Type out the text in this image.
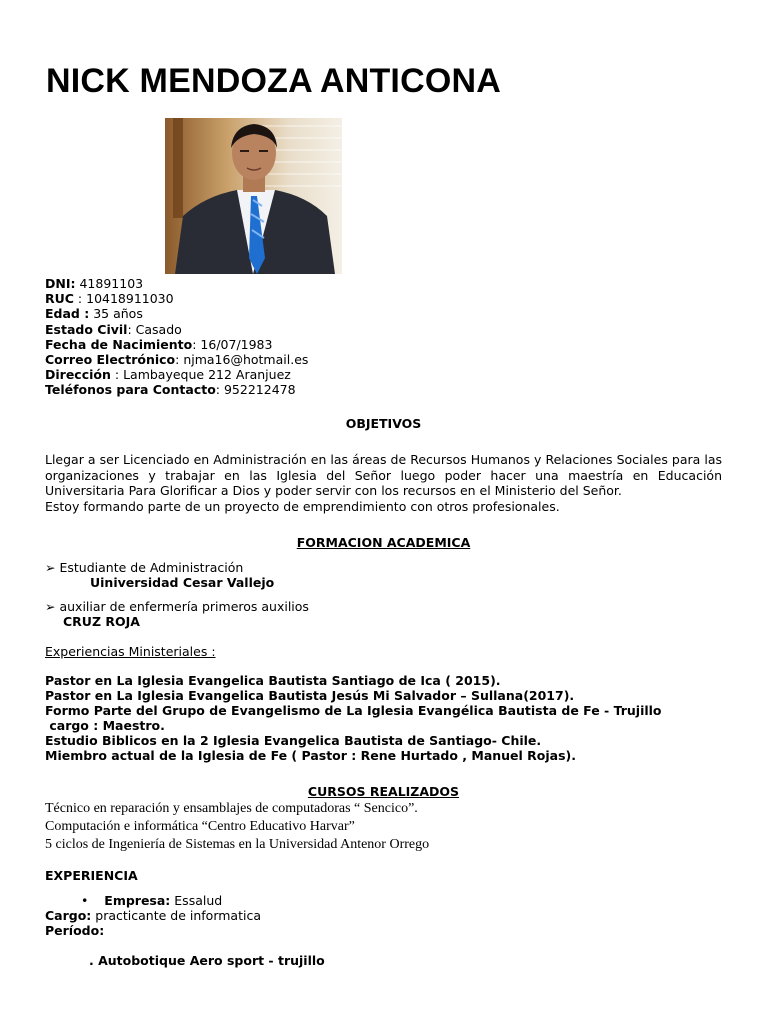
NICK MENDOZA ANTICONA
DNI: 41891103
RUC : 10418911030
Edad : 35 años
Estado Civil: Casado
Fecha de Nacimiento: 16/07/1983
Correo Electrónico: njma16@hotmail.es
Dirección : Lambayeque 212 Aranjuez
Teléfonos para Contacto: 952212478
OBJETIVOS
Llegar a ser Licenciado en Administración en las áreas de Recursos Humanos y Relaciones Sociales para las organizaciones y trabajar en las Iglesia del Señor luego poder hacer una maestría en Educación Universitaria Para Glorificar a Dios y poder servir con los recursos en el Ministerio del Señor.
Estoy formando parte de un proyecto de emprendimiento con otros profesionales.
FORMACION ACADEMICA
➢ Estudiante de Administración
Uiniversidad Cesar Vallejo
➢ auxiliar de enfermería primeros auxilios
CRUZ ROJA
Experiencias Ministeriales :
Pastor en La Iglesia Evangelica Bautista Santiago de Ica ( 2015).
Pastor en La Iglesia Evangelica Bautista Jesús Mi Salvador – Sullana(2017).
Formo Parte del Grupo de Evangelismo de La Iglesia Evangélica Bautista de Fe - Trujillo
cargo : Maestro.
Estudio Biblicos en la 2 Iglesia Evangelica Bautista de Santiago- Chile.
Miembro actual de la Iglesia de Fe ( Pastor : Rene Hurtado , Manuel Rojas).
CURSOS REALIZADOS
Técnico en reparación y ensamblajes de computadoras “ Sencico”.
Computación e informática “Centro Educativo Harvar”
5 ciclos de Ingeniería de Sistemas en la Universidad Antenor Orrego
EXPERIENCIA
• Empresa: Essalud
Cargo: practicante de informatica
Período:
. Autobotique Aero sport - trujillo
